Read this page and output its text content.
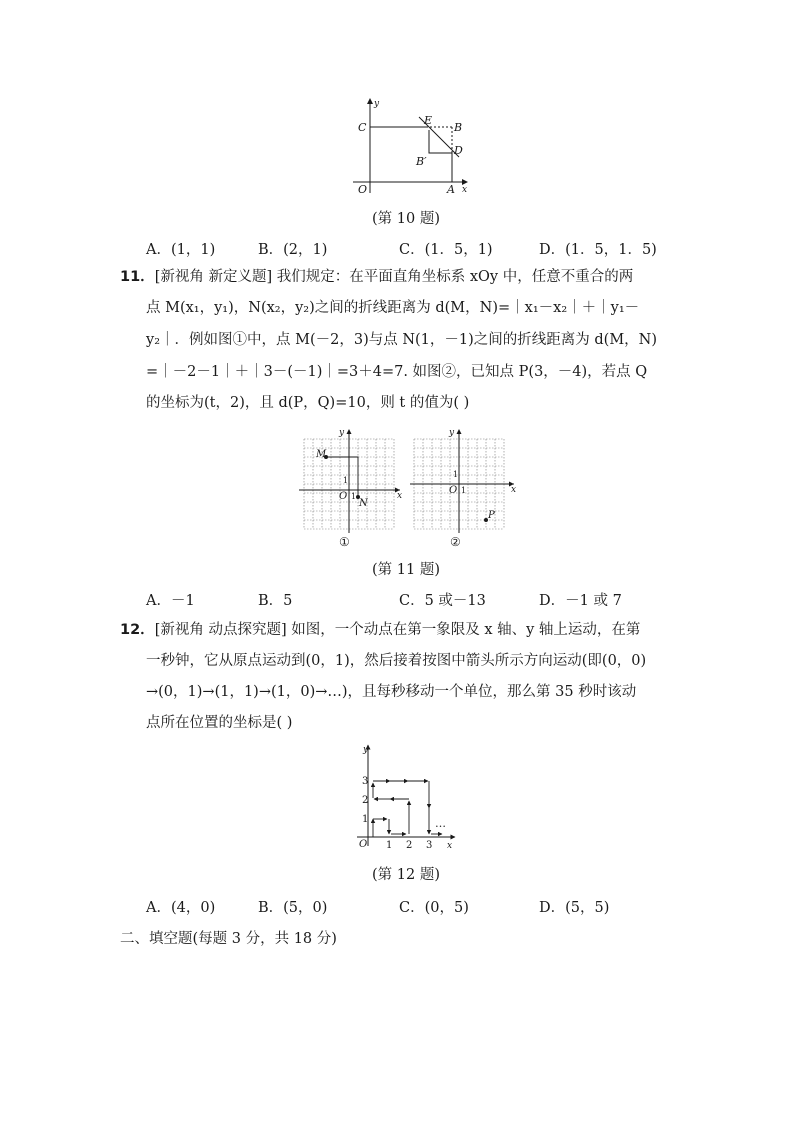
y
C
E
B
D
B′
O	A x
(第 10 题)
A．(1，1)	B．(2，1)	C．(1．5，1)	D．(1．5，1．5)
11．[新视角 新定义题] 我们规定：在平面直角坐标系 xOy 中，任意不重合的两
点 M(x₁，y₁)，N(x₂，y₂)之间的折线距离为 d(M，N)=｜x₁－x₂｜＋｜y₁－
y₂｜．例如图①中，点 M(－2，3)与点 N(1，－1)之间的折线距离为 d(M，N)
=｜－2－1｜＋｜3－(－1)｜=3＋4=7. 如图②，已知点 P(3，－4)，若点 Q
的坐标为(t，2)，且 d(P，Q)=10，则 t 的值为( )
M
N
O 1
1
x
y
①
P
O 1
1
x
y
②
(第 11 题)
A．－1	B．5	C．5 或－13	D．－1 或 7
12．[新视角 动点探究题] 如图，一个动点在第一象限及 x 轴、y 轴上运动，在第
一秒钟，它从原点运动到(0，1)，然后接着按图中箭头所示方向运动(即(0，0)
→(0，1)→(1，1)→(1，0)→…)，且每秒移动一个单位，那么第 35 秒时该动
点所在位置的坐标是( )
y
3
2
1
O 1 2 3 x
…
(第 12 题)
A．(4，0)	B．(5，0)	C．(0，5)	D．(5，5)
二、填空题(每题 3 分，共 18 分)
